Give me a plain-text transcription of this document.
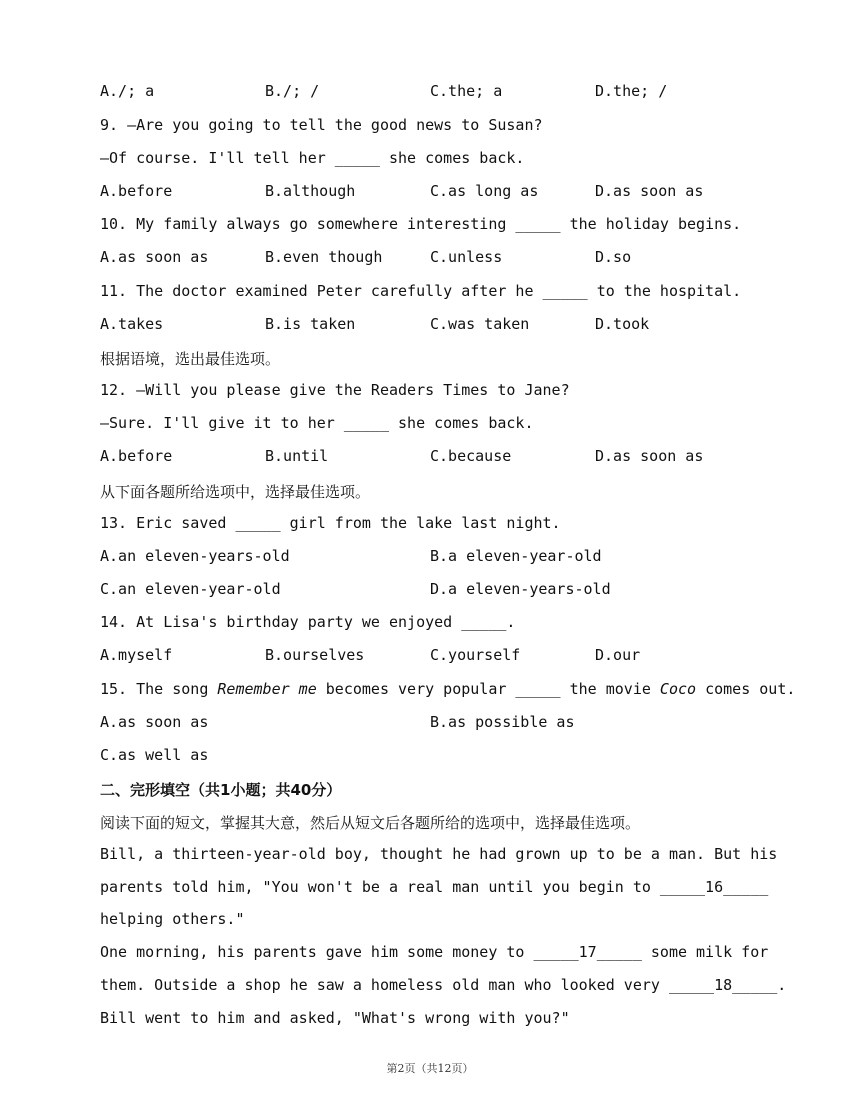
A./; a	B./; /	C.the; a	D.the; /
9. —Are you going to tell the good news to Susan?
—Of course. I'll tell her _____ she comes back.
A.before	B.although	C.as long as	D.as soon as
10. My family always go somewhere interesting _____ the holiday begins.
A.as soon as	B.even though	C.unless	D.so
11. The doctor examined Peter carefully after he _____ to the hospital.
A.takes	B.is taken	C.was taken	D.took
根据语境，选出最佳选项。
12. —Will you please give the Readers Times to Jane?
—Sure. I'll give it to her _____ she comes back.
A.before	B.until	C.because	D.as soon as
从下面各题所给选项中，选择最佳选项。
13. Eric saved _____ girl from the lake last night.
A.an eleven-years-old	B.a eleven-year-old
C.an eleven-year-old	D.a eleven-years-old
14. At Lisa's birthday party we enjoyed _____.
A.myself	B.ourselves	C.yourself	D.our
15. The song Remember me becomes very popular _____ the movie Coco comes out.
A.as soon as	B.as possible as
C.as well as
二、完形填空（共1小题；共40分）
阅读下面的短文，掌握其大意，然后从短文后各题所给的选项中，选择最佳选项。
Bill, a thirteen-year-old boy, thought he had grown up to be a man. But his
parents told him, "You won't be a real man until you begin to _____16_____
helping others."
One morning, his parents gave him some money to _____17_____ some milk for
them. Outside a shop he saw a homeless old man who looked very _____18_____.
Bill went to him and asked, "What's wrong with you?"
第2页（共12页）
